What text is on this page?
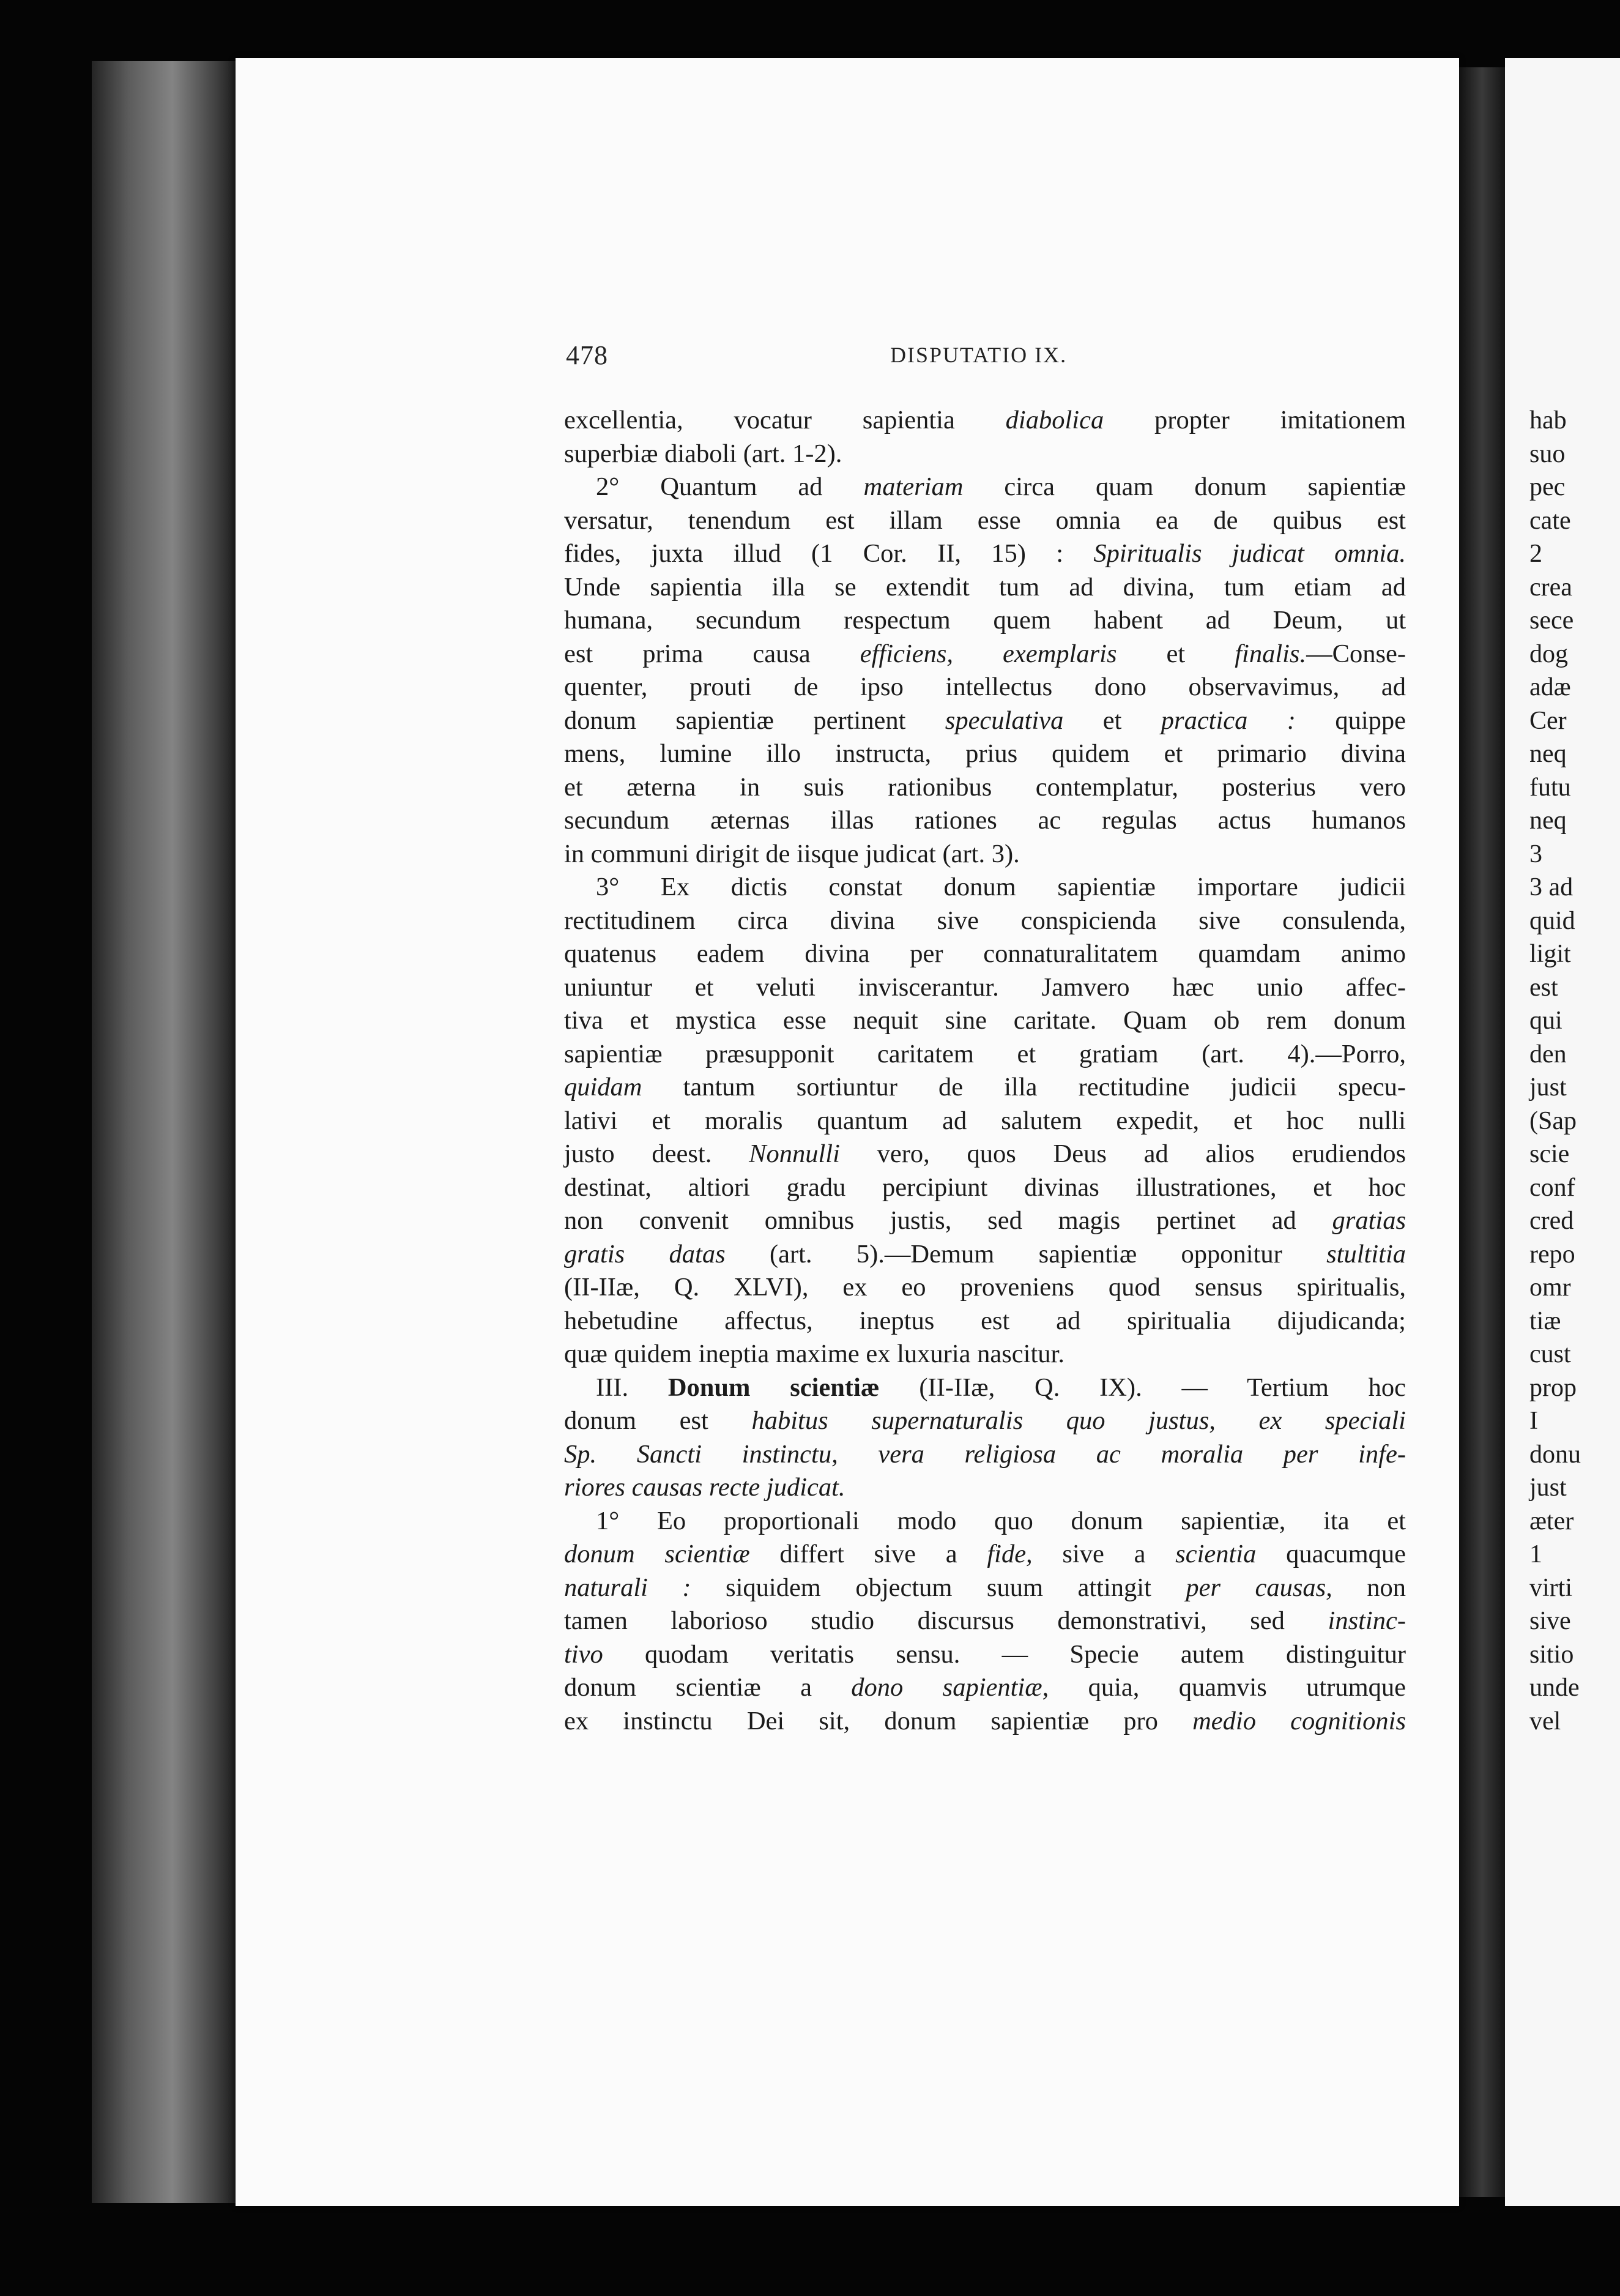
478	DISPUTATIO IX.
excellentia, vocatur sapientia diabolica propter imitationem
superbiæ diaboli (art. 1-2).
2° Quantum ad materiam circa quam donum sapientiæ
versatur, tenendum est illam esse omnia ea de quibus est
fides, juxta illud (1 Cor. II, 15) : Spiritualis judicat omnia.
Unde sapientia illa se extendit tum ad divina, tum etiam ad
humana, secundum respectum quem habent ad Deum, ut
est prima causa efficiens, exemplaris et finalis.—Conse-
quenter, prouti de ipso intellectus dono observavimus, ad
donum sapientiæ pertinent speculativa et practica : quippe
mens, lumine illo instructa, prius quidem et primario divina
et æterna in suis rationibus contemplatur, posterius vero
secundum æternas illas rationes ac regulas actus humanos
in communi dirigit de iisque judicat (art. 3).
3° Ex dictis constat donum sapientiæ importare judicii
rectitudinem circa divina sive conspicienda sive consulenda,
quatenus eadem divina per connaturalitatem quamdam animo
uniuntur et veluti inviscerantur. Jamvero hæc unio affec-
tiva et mystica esse nequit sine caritate. Quam ob rem donum
sapientiæ præsupponit caritatem et gratiam (art. 4).—Porro,
quidam tantum sortiuntur de illa rectitudine judicii specu-
lativi et moralis quantum ad salutem expedit, et hoc nulli
justo deest. Nonnulli vero, quos Deus ad alios erudiendos
destinat, altiori gradu percipiunt divinas illustrationes, et hoc
non convenit omnibus justis, sed magis pertinet ad gratias
gratis datas (art. 5).—Demum sapientiæ opponitur stultitia
(II-IIæ, Q. XLVI), ex eo proveniens quod sensus spiritualis,
hebetudine affectus, ineptus est ad spiritualia dijudicanda;
quæ quidem ineptia maxime ex luxuria nascitur.
III. Donum scientiæ (II-IIæ, Q. IX). — Tertium hoc
donum est habitus supernaturalis quo justus, ex speciali
Sp. Sancti instinctu, vera religiosa ac moralia per infe-
riores causas recte judicat.
1° Eo proportionali modo quo donum sapientiæ, ita et
donum scientiæ differt sive a fide, sive a scientia quacumque
naturali : siquidem objectum suum attingit per causas, non
tamen laborioso studio discursus demonstrativi, sed instinc-
tivo quodam veritatis sensu. — Specie autem distinguitur
donum scientiæ a dono sapientiæ, quia, quamvis utrumque
ex instinctu Dei sit, donum sapientiæ pro medio cognitionis
hab
suo
pec
cate
2
crea
sece
dog
adæ
Cer
neq
futu
neq
3
3 ad
quid
ligit
est
qui
den
just
(Sap
scie
conf
cred
repo
omr
tiæ
cust
prop
I
donu
just
æter
1
virti
sive
sitio
unde
vel
